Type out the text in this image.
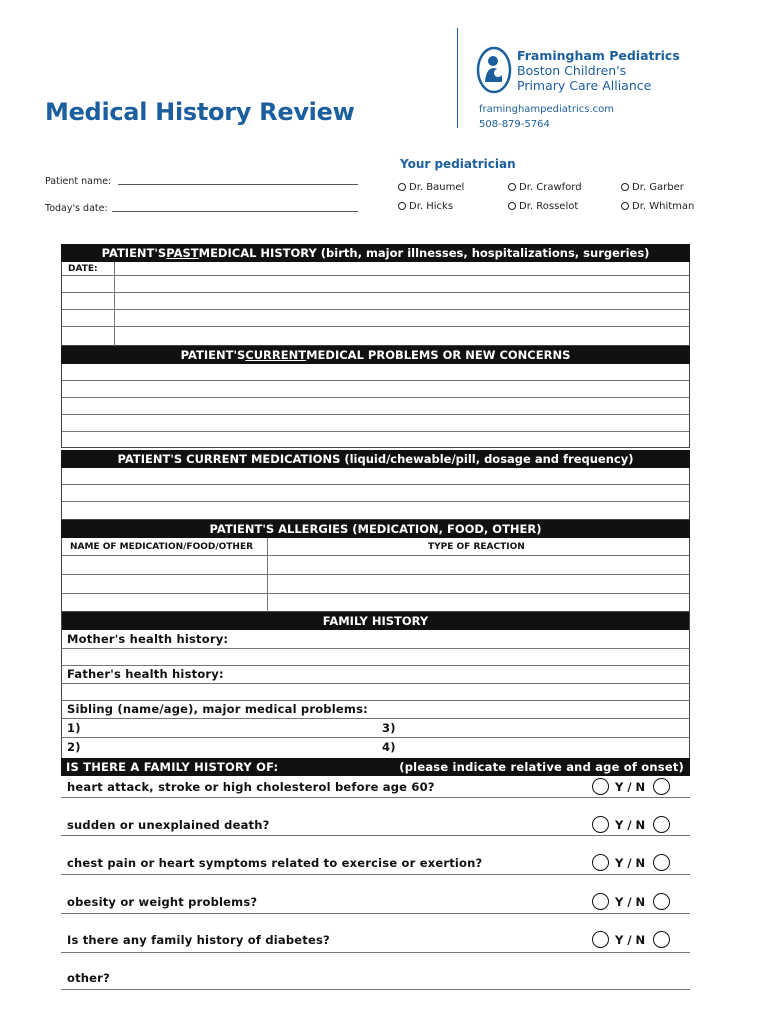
Medical History Review
Framingham Pediatrics
Boston Children's
Primary Care Alliance
framinghampediatrics.com
508-879-5764
Patient name:
Today's date:
Your pediatrician
Dr. Baumel	Dr. Crawford	Dr. Garber
Dr. Hicks	Dr. Rosselot	Dr. Whitman
PATIENT'S PAST MEDICAL HISTORY (birth, major illnesses, hospitalizations, surgeries)
DATE:
PATIENT'S CURRENT MEDICAL PROBLEMS OR NEW CONCERNS
PATIENT'S CURRENT MEDICATIONS (liquid/chewable/pill, dosage and frequency)
PATIENT'S ALLERGIES (MEDICATION, FOOD, OTHER)
NAME OF MEDICATION/FOOD/OTHER	TYPE OF REACTION
FAMILY HISTORY
Mother's health history:
Father's health history:
Sibling (name/age), major medical problems:
1)	3)
2)	4)
IS THERE A FAMILY HISTORY OF:	(please indicate relative and age of onset)
heart attack, stroke or high cholesterol before age 60?	Y / N
sudden or unexplained death?	Y / N
chest pain or heart symptoms related to exercise or exertion?	Y / N
obesity or weight problems?	Y / N
Is there any family history of diabetes?	Y / N
other?
